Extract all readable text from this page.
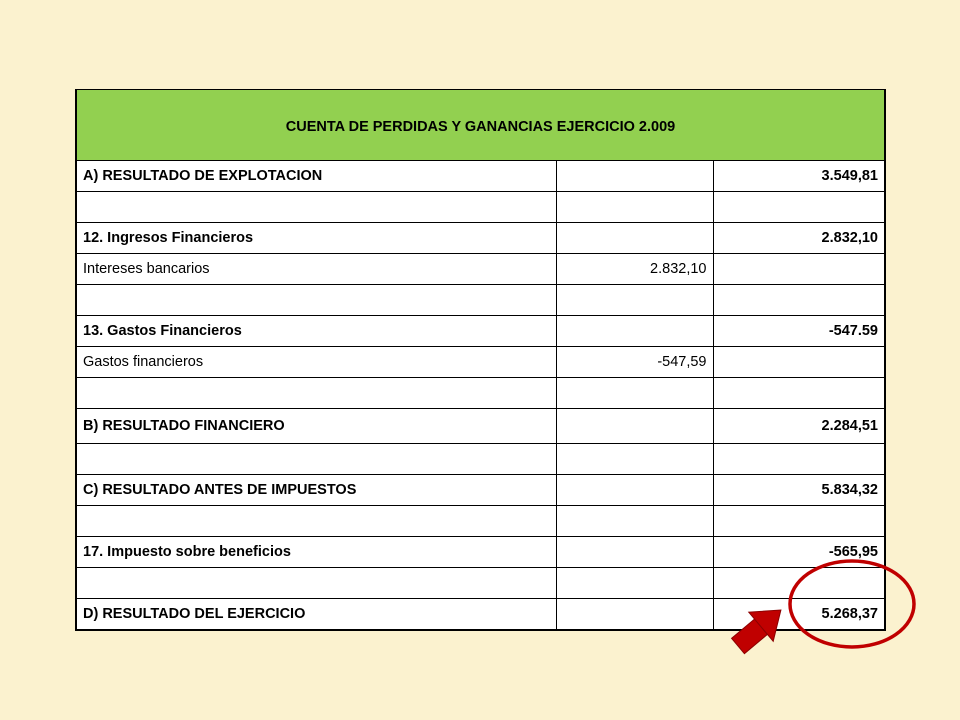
CUENTA DE PERDIDAS Y GANANCIAS EJERCICIO 2.009		
A) RESULTADO DE EXPLOTACION		3.549,81

12. Ingresos Financieros		2.832,10
Intereses bancarios	2.832,10	

13. Gastos Financieros		-547.59
Gastos financieros	-547,59	

B) RESULTADO FINANCIERO		2.284,51

C) RESULTADO ANTES DE IMPUESTOS		5.834,32

17. Impuesto sobre beneficios		-565,95

D) RESULTADO DEL EJERCICIO		5.268,37
